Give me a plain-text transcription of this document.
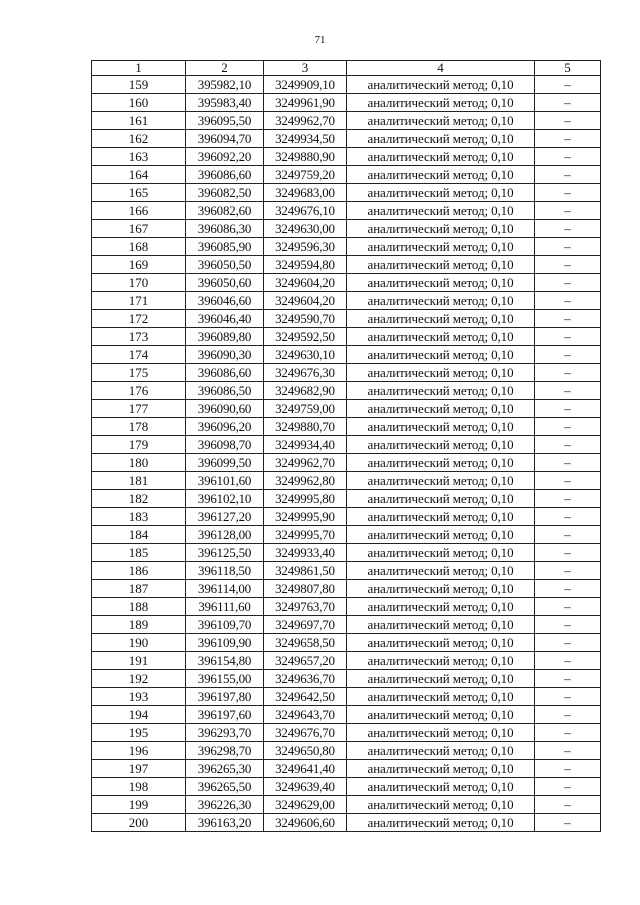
71
1	2	3	4	5
159	395982,10	3249909,10	аналитический метод; 0,10	–
160	395983,40	3249961,90	аналитический метод; 0,10	–
161	396095,50	3249962,70	аналитический метод; 0,10	–
162	396094,70	3249934,50	аналитический метод; 0,10	–
163	396092,20	3249880,90	аналитический метод; 0,10	–
164	396086,60	3249759,20	аналитический метод; 0,10	–
165	396082,50	3249683,00	аналитический метод; 0,10	–
166	396082,60	3249676,10	аналитический метод; 0,10	–
167	396086,30	3249630,00	аналитический метод; 0,10	–
168	396085,90	3249596,30	аналитический метод; 0,10	–
169	396050,50	3249594,80	аналитический метод; 0,10	–
170	396050,60	3249604,20	аналитический метод; 0,10	–
171	396046,60	3249604,20	аналитический метод; 0,10	–
172	396046,40	3249590,70	аналитический метод; 0,10	–
173	396089,80	3249592,50	аналитический метод; 0,10	–
174	396090,30	3249630,10	аналитический метод; 0,10	–
175	396086,60	3249676,30	аналитический метод; 0,10	–
176	396086,50	3249682,90	аналитический метод; 0,10	–
177	396090,60	3249759,00	аналитический метод; 0,10	–
178	396096,20	3249880,70	аналитический метод; 0,10	–
179	396098,70	3249934,40	аналитический метод; 0,10	–
180	396099,50	3249962,70	аналитический метод; 0,10	–
181	396101,60	3249962,80	аналитический метод; 0,10	–
182	396102,10	3249995,80	аналитический метод; 0,10	–
183	396127,20	3249995,90	аналитический метод; 0,10	–
184	396128,00	3249995,70	аналитический метод; 0,10	–
185	396125,50	3249933,40	аналитический метод; 0,10	–
186	396118,50	3249861,50	аналитический метод; 0,10	–
187	396114,00	3249807,80	аналитический метод; 0,10	–
188	396111,60	3249763,70	аналитический метод; 0,10	–
189	396109,70	3249697,70	аналитический метод; 0,10	–
190	396109,90	3249658,50	аналитический метод; 0,10	–
191	396154,80	3249657,20	аналитический метод; 0,10	–
192	396155,00	3249636,70	аналитический метод; 0,10	–
193	396197,80	3249642,50	аналитический метод; 0,10	–
194	396197,60	3249643,70	аналитический метод; 0,10	–
195	396293,70	3249676,70	аналитический метод; 0,10	–
196	396298,70	3249650,80	аналитический метод; 0,10	–
197	396265,30	3249641,40	аналитический метод; 0,10	–
198	396265,50	3249639,40	аналитический метод; 0,10	–
199	396226,30	3249629,00	аналитический метод; 0,10	–
200	396163,20	3249606,60	аналитический метод; 0,10	–
